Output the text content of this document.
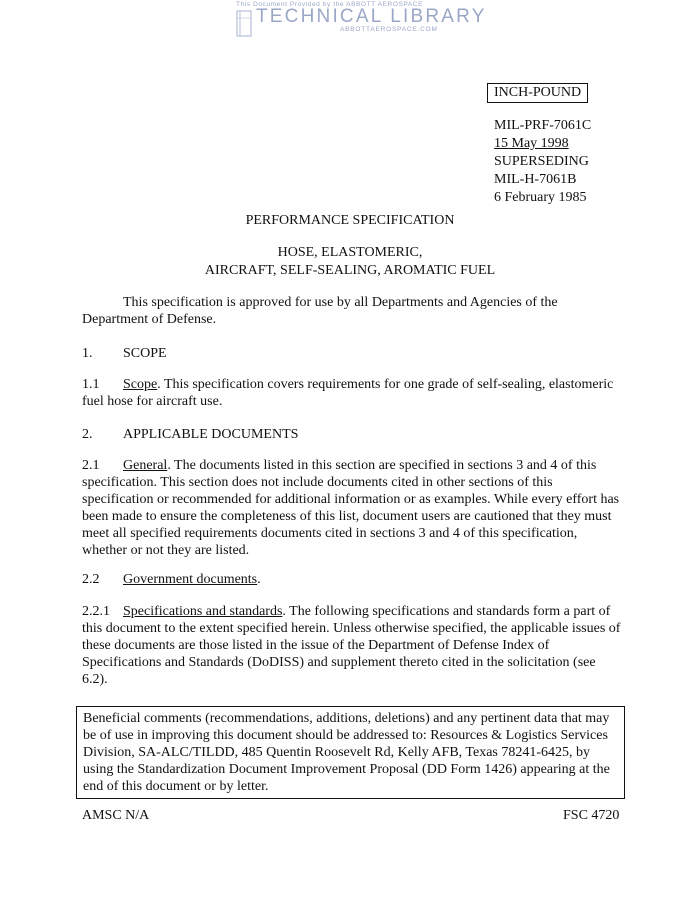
This Document Provided by the ABBOTT AEROSPACE
TECHNICAL LIBRARY
ABBOTTAEROSPACE.COM
INCH-POUND
MIL-PRF-7061C
15 May 1998
SUPERSEDING
MIL-H-7061B
6 February 1985
PERFORMANCE SPECIFICATION
HOSE, ELASTOMERIC,
AIRCRAFT, SELF-SEALING, AROMATIC FUEL
This specification is approved for use by all Departments and Agencies of the Department of Defense.
1. SCOPE
1.1 Scope. This specification covers requirements for one grade of self-sealing, elastomeric fuel hose for aircraft use.
2. APPLICABLE DOCUMENTS
2.1 General. The documents listed in this section are specified in sections 3 and 4 of this specification. This section does not include documents cited in other sections of this specification or recommended for additional information or as examples. While every effort has been made to ensure the completeness of this list, document users are cautioned that they must meet all specified requirements documents cited in sections 3 and 4 of this specification, whether or not they are listed.
2.2 Government documents.
2.2.1 Specifications and standards. The following specifications and standards form a part of this document to the extent specified herein. Unless otherwise specified, the applicable issues of these documents are those listed in the issue of the Department of Defense Index of Specifications and Standards (DoDISS) and supplement thereto cited in the solicitation (see 6.2).
Beneficial comments (recommendations, additions, deletions) and any pertinent data that may be of use in improving this document should be addressed to: Resources & Logistics Services Division, SA-ALC/TILDD, 485 Quentin Roosevelt Rd, Kelly AFB, Texas 78241-6425, by using the Standardization Document Improvement Proposal (DD Form 1426) appearing at the end of this document or by letter.
AMSC N/A	FSC 4720
